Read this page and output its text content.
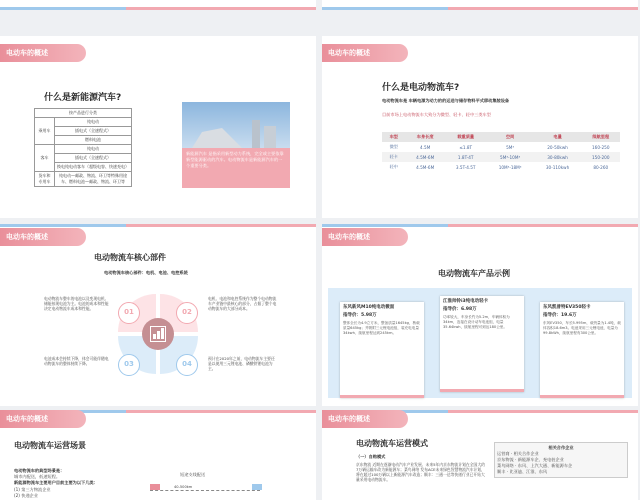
电动车的概述
什么是新能源汽车?
按产品进行分类	
乘用车	纯电动
	插电式（全速程式）
	燃料电池
客车	纯电动
	插电式（全速程式）
	换电纯电动客车（超级电容、快速充电）
货车和专用车	纯电动—邮政、物流、环卫等特殊用途车、燃料电池—邮政、物流、环卫等
新能源汽车 是指采用新型动力系统，完全或主要依靠新型能源驱动的汽车。电动物流车是新能源汽车的一个重要分类。
电动车的概述
什么是电动物流车?
电动物流车是 车辆电源为动力的的运送与储存物料平式移动集装设备
目前市场上电动物流车大致分为微型、轻卡、轻中三类车型
车型	车身长度	载重质量	空间	电量	续航里程
微型	4.5M	≤1.8T	5M³	20-50kwh	160-250
轻卡	4.5M-6M	1.8T-4T	5M³-10M³	30-80kwh	150-200
轻中	4.5M-6M	3.5T-4.5T	10M³-18M³	30-110kwh	80-260
电动车的概述
电动物流车核心部件
电动物流车核心部件：电机、电池、电控系统
01	02
03	04
电动物流车整车的电池以及变现电机、储能按现电池为主。电池的成本和性能决定电动物流车成本和性能。
电机、电池和电控系统作为整个电动物流车产业链中最核心的部分，占据了整个电动物流车的大部分成本。
电池成本会持续下降，体会可能伴随电动物流车的整体持续下降。
预计在2020年之前，电动物流车主要还是以使用三元锂电池、磷酸铁锂电池为主。
电动车的概述
电动物流车产品示例
东风新风M10纯电动微面
指导价：5.98万
整体全长为4.9立方米，整备质量1645kg，核载质量645kg；并吸附三元锂电池组，装充电电量34kwh、续航里程达到245km。
江淮帅铃i3纯电动轻卡
指导价：6.98万
功率较大，车身长约为5.2m，车辆体积为34km，连接在设计动车电池组，电量35.64kwh，续航里程可到达180公里。
东风凯普特EV350轻卡
指导价：19.6万
东风EV350，车长5.995m，载货量为1.4吨，载体容积18.6m3。电池采用三元锂电池，电量为99.8kWh，续航里程有300公里。
电动车的概述
电动物流车运营场景
电动物流车的典型场景是：
城市内配送，低速短程。
新能源物流车主要用户目前主要为以下几类：
(1) 第三方物流企业
(2) 快递企业
短途支线配送
40-500km
电动车的概述
电动物流车运营模式
（一）自购模式
京东物流 近期在逐渐电动汽车产业发展、未来5年内京东物流计划在全国大约7万辆运输车改为新能源车；菜鸟网络 发布ACE未来绿色智慧物流汽车计划，将在超过100万辆以上新能源汽车改造；顺丰：三通一达等快递行业已开始大量采用电动物流车。
相关合作企业
运营商 · 相关合作企业
京东物流 · 新能源车企、充电桩企业
菜鸟网络 · 东风、上汽大通、新能源车企
顺丰 · 比亚迪、江淮、东风
